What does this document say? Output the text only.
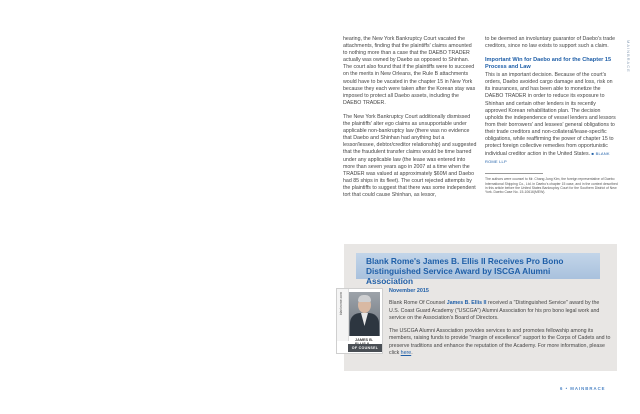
hearing, the New York Bankruptcy Court vacated the attachments, finding that the plaintiffs' claims amounted to nothing more than a case that the DAEBO TRADER actually was owned by Daebo as opposed to Shinhan. The court also found that if the plaintiffs were to succeed on the merits in New Orleans, the Rule B attachments would have to be vacated in the chapter 15 in New York because they each were taken after the Korean stay was imposed to protect all Daebo assets, including the DAEBO TRADER.

The New York Bankruptcy Court additionally dismissed the plaintiffs' alter ego claims as unsupportable under applicable non-bankruptcy law (there was no evidence that Daebo and Shinhan had anything but a lessor/lessee, debtor/creditor relationship) and suggested that the fraudulent transfer claims would be time barred under any applicable law (the lease was entered into more than seven years ago in 2007 at a time when the TRADER was valued at approximately $60M and Daebo had 85 ships in its fleet). The court rejected attempts by the plaintiffs to suggest that there was some independent tort that could cause Shinhan, as lessor,

to be deemed an involuntary guarantor of Daebo's trade creditors, since no law exists to support such a claim.

Important Win for Daebo and for the Chapter 15 Process and Law

This is an important decision. Because of the court's orders, Daebo avoided cargo damage and loss, risk on its insurances, and has been able to monetize the DAEBO TRADER in order to reduce its exposure to Shinhan and certain other lenders in its recently approved Korean rehabilitation plan. The decision upholds the independence of vessel lenders and lessors from their borrowers' and lessees' general obligations to their trade creditors and non-collateral/lease-specific obligations, while reaffirming the power of chapter 15 to protect foreign collective remedies from opportunistic individual creditor action in the United States. ■ BLANK ROME LLP

The authors were counsel to Mr. Chang Jung Kim, the foreign representative of Daebo International Shipping Co., Ltd. in Daebo's chapter 15 case, and in the context described in this article before the United States Bankruptcy Court for the Southern District of New York. Daebo Case No. 15-10616(MEW).
MAINBRACE
Blank Rome's James B. Ellis II Receives Pro Bono Distinguished Service Award by ISCGA Alumni Association
blankrome.com
JAMES B.
OF COUNSEL
November 2015

Blank Rome Of Counsel James B. Ellis II received a "Distinguished Service" award by the U.S. Coast Guard Academy ("USCGA") Alumni Association for his pro bono legal work and service on the Association's Board of Directors.

The USCGA Alumni Association provides services to and promotes fellowship among its members, raising funds to provide "margin of excellence" support to the Corps of Cadets and to preserve traditions and enhance the reputation of the Academy. For more information, please click here.

6 • MAINBRACE
